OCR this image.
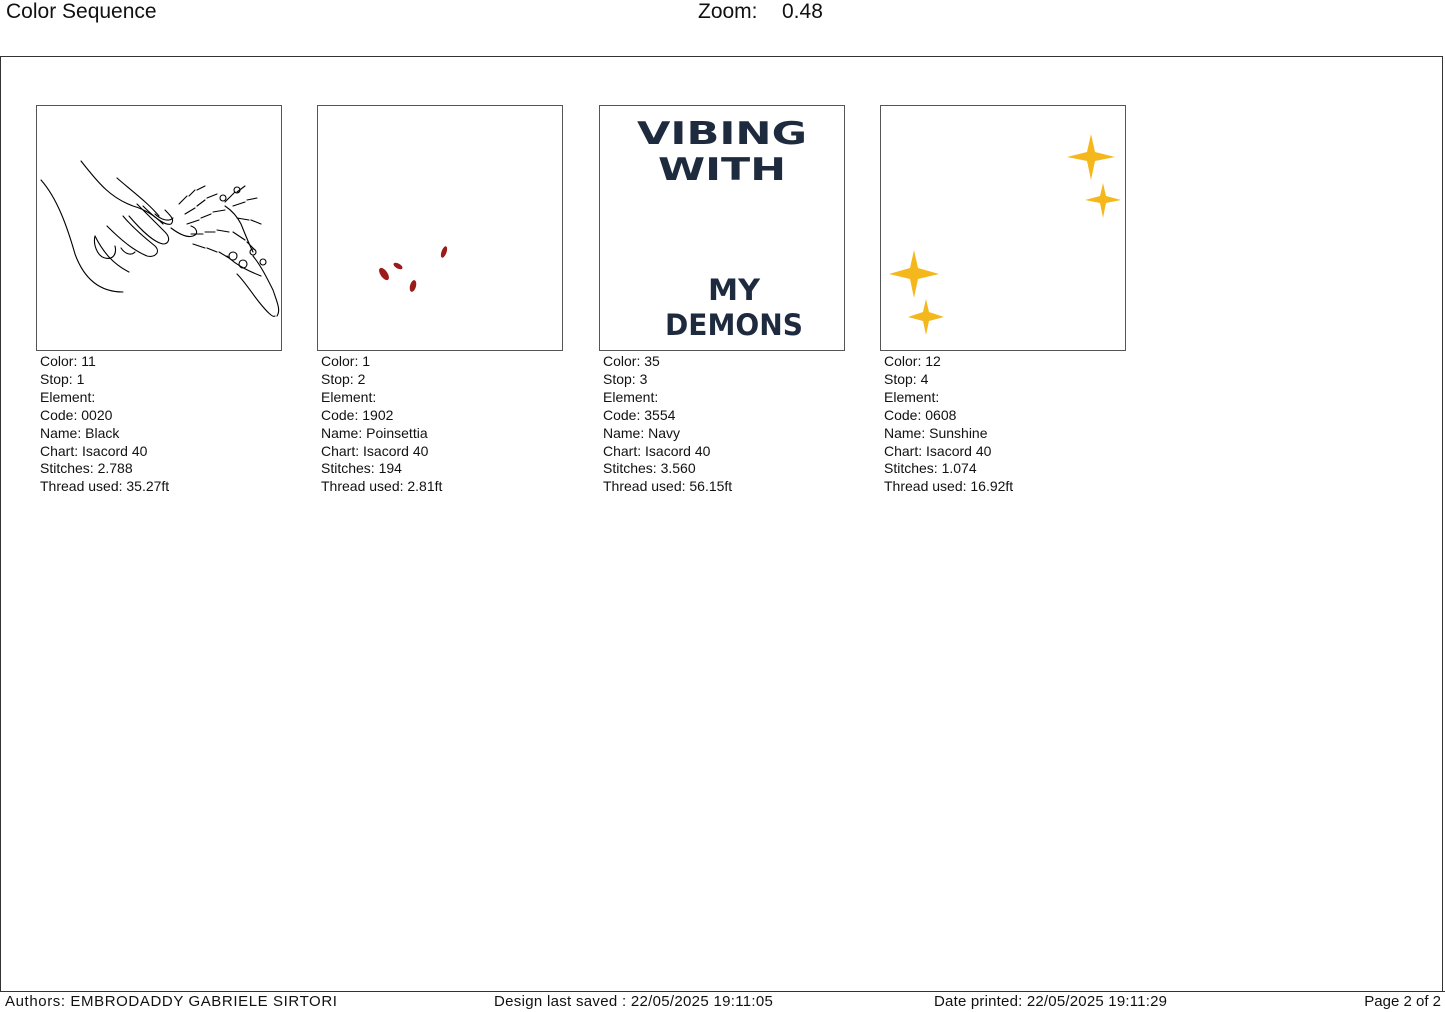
Color Sequence	Zoom: 0.48
Color: 11
Stop: 1
Element:
Code: 0020
Name: Black
Chart: Isacord 40
Stitches: 2.788
Thread used: 35.27ft
Color: 1
Stop: 2
Element:
Code: 1902
Name: Poinsettia
Chart: Isacord 40
Stitches: 194
Thread used: 2.81ft
VIBING
WITH
MY
DEMONS
Color: 35
Stop: 3
Element:
Code: 3554
Name: Navy
Chart: Isacord 40
Stitches: 3.560
Thread used: 56.15ft
Color: 12
Stop: 4
Element:
Code: 0608
Name: Sunshine
Chart: Isacord 40
Stitches: 1.074
Thread used: 16.92ft
Authors: EMBRODADDY GABRIELE SIRTORI	Design last saved : 22/05/2025 19:11:05	Date printed: 22/05/2025 19:11:29	Page 2 of 2
